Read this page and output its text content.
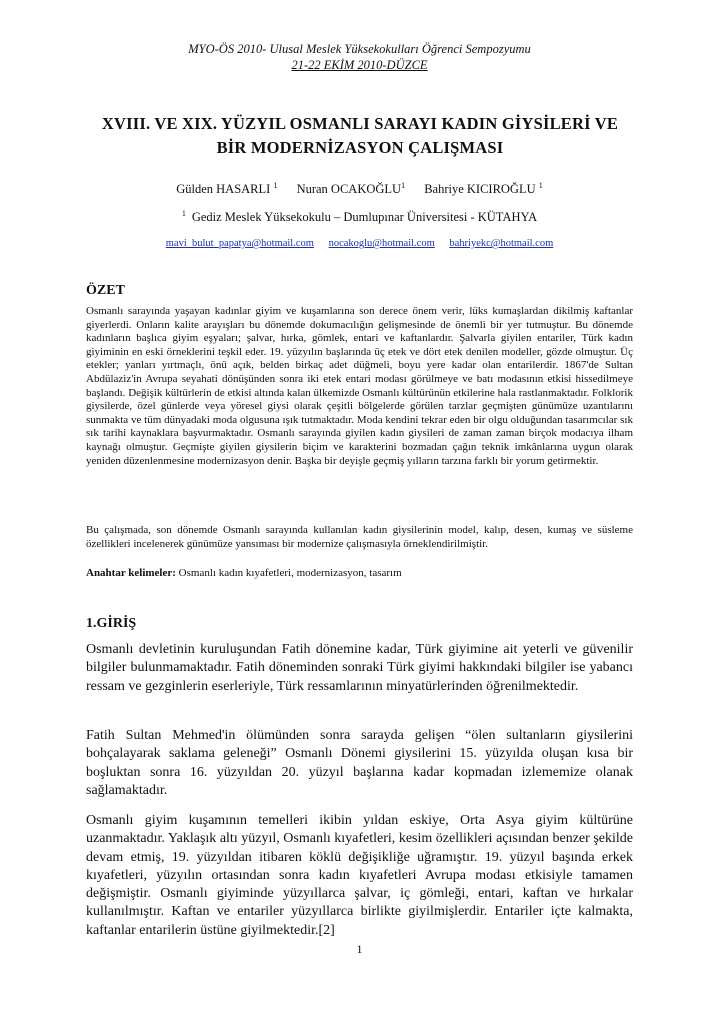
MYO-ÖS 2010- Ulusal Meslek Yüksekokulları Öğrenci Sempozyumu
21-22 EKİM 2010-DÜZCE
XVIII. VE XIX. YÜZYIL OSMANLI SARAYI KADIN GİYSİLERİ VE
BİR MODERNİZASYON ÇALIŞMASI
Gülden HASARLI $^1$ Nuran OCAKOĞLU$^1$ Bahriye KICIROĞLU $^1$
$^1$ Gediz Meslek Yüksekokulu – Dumlupınar Üniversitesi - KÜTAHYA
mavi_bulut_papatya@hotmail.com nocakoglu@hotmail.com bahriyekc@hotmail.com
ÖZET

Osmanlı sarayında yaşayan kadınlar giyim ve kuşamlarına son derece önem verir, lüks kumaşlardan dikilmiş kaftanlar giyerlerdi. Onların kalite arayışları bu dönemde dokumacılığın gelişmesinde de önemli bir yer tutmuştur. Bu dönemde kadınların başlıca giyim eşyaları; şalvar, hırka, gömlek, entari ve kaftanlardır. Şalvarla giyilen entariler, Türk kadın giyiminin en eski örneklerini teşkil eder. 19. yüzyılın başlarında üç etek ve dört etek denilen modeller, gözde olmuştur. Üç etekler; yanları yırtmaçlı, önü açık, belden birkaç adet düğmeli, boyu yere kadar olan entarilerdir. 1867'de Sultan Abdülaziz'in Avrupa seyahati dönüşünden sonra iki etek entari modası görülmeye ve batı modasının etkisi hissedilmeye başlandı. Değişik kültürlerin de etkisi altında kalan ülkemizde Osmanlı kültürünün etkilerine hala rastlanmaktadır. Folklorik giysilerde, özel günlerde veya yöresel giysi olarak çeşitli bölgelerde görülen tarzlar geçmişten günümüze uzantılarını sunmakta ve tüm dünyadaki moda olgusuna ışık tutmaktadır. Moda kendini tekrar eden bir olgu olduğundan tasarımcılar sık sık tarihi kaynaklara başvurmaktadır. Osmanlı sarayında giyilen kadın giysileri de zaman zaman birçok modacıya ilham kaynağı olmuştur. Geçmişte giyilen giysilerin biçim ve karakterini bozmadan çağın teknik imkânlarına uygun olarak yeniden düzenlenmesine modernizasyon denir. Başka bir deyişle geçmiş yılların tarzına farklı bir yorum getirmektir.

Bu çalışmada, son dönemde Osmanlı sarayında kullanılan kadın giysilerinin model, kalıp, desen, kumaş ve süsleme özellikleri incelenerek günümüze yansıması bir modernize çalışmasıyla örneklendirilmiştir.

Anahtar kelimeler: Osmanlı kadın kıyafetleri, modernizasyon, tasarım

1.GİRİŞ

Osmanlı devletinin kuruluşundan Fatih dönemine kadar, Türk giyimine ait yeterli ve güvenilir bilgiler bulunmamaktadır. Fatih döneminden sonraki Türk giyimi hakkındaki bilgiler ise yabancı ressam ve gezginlerin eserleriyle, Türk ressamlarının minyatürlerinden öğrenilmektedir.

Fatih Sultan Mehmed'in ölümünden sonra sarayda gelişen “ölen sultanların giysilerini bohçalayarak saklama geleneği” Osmanlı Dönemi giysilerini 15. yüzyılda oluşan kısa bir boşluktan sonra 16. yüzyıldan 20. yüzyıl başlarına kadar kopmadan izlememize olanak sağlamaktadır.

Osmanlı giyim kuşamının temelleri ikibin yıldan eskiye, Orta Asya giyim kültürüne uzanmaktadır. Yaklaşık altı yüzyıl, Osmanlı kıyafetleri, kesim özellikleri açısından benzer şekilde devam etmiş, 19. yüzyıldan itibaren köklü değişikliğe uğramıştır. 19. yüzyıl başında erkek kıyafetleri, yüzyılın ortasından sonra kadın kıyafetleri Avrupa modası etkisiyle tamamen değişmiştir. Osmanlı giyiminde yüzyıllarca şalvar, iç gömleği, entari, kaftan ve hırkalar kullanılmıştır. Kaftan ve entariler yüzyıllarca birlikte giyilmişlerdir. Entariler içte kalmakta, kaftanlar entarilerin üstüne giyilmektedir.[2]

1
